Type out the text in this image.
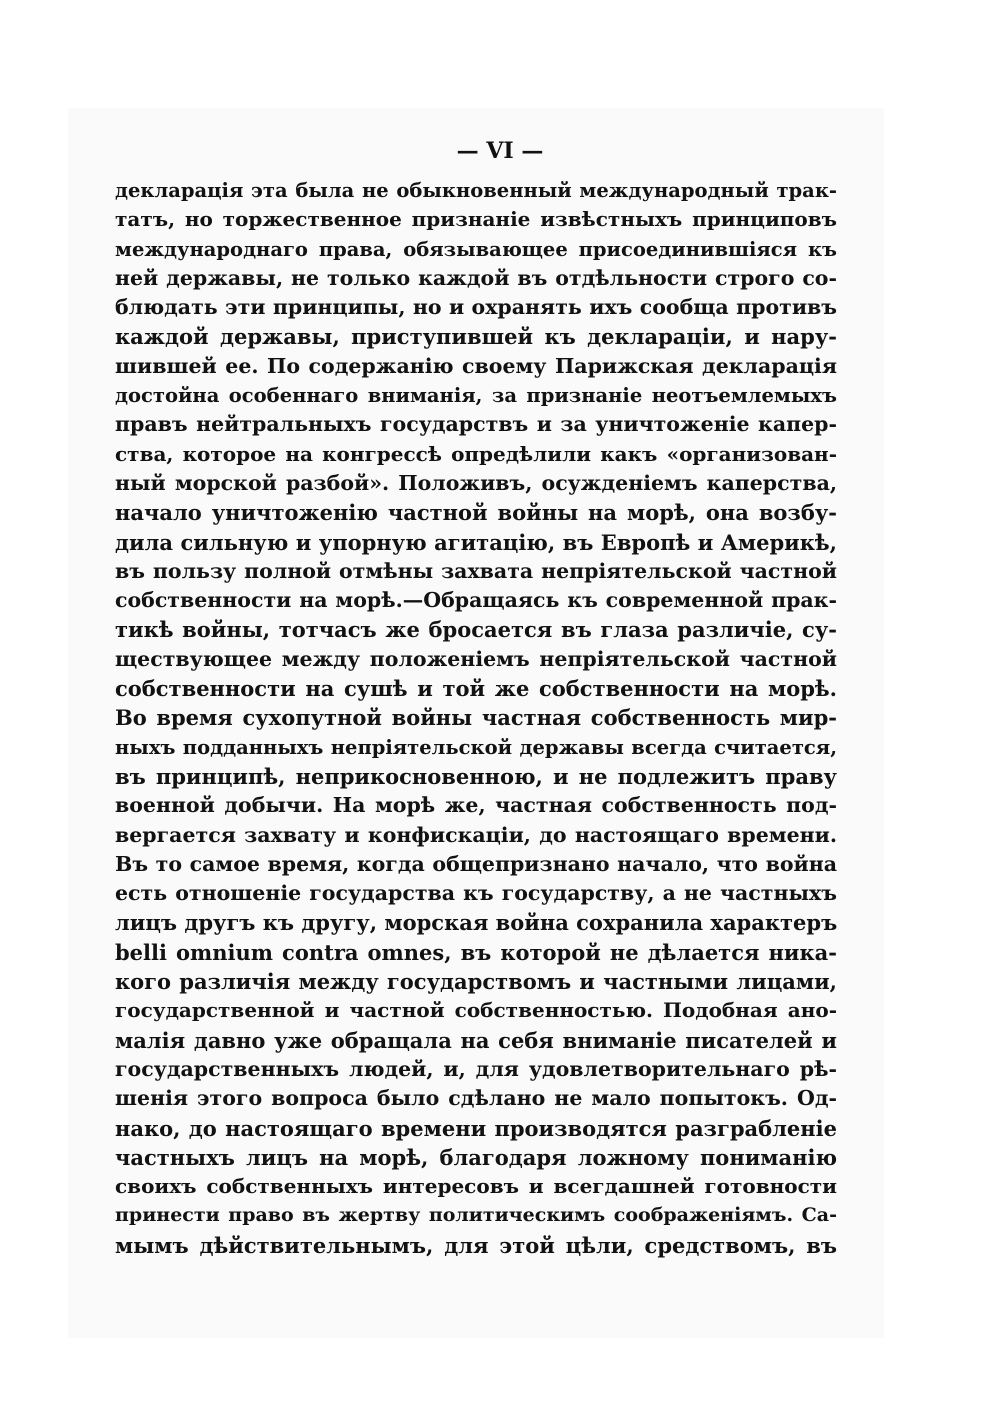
— VI —
декларація эта была не обыкновенный международный трак-
татъ, но торжественное признаніе извѣстныхъ принциповъ
международнаго права, обязывающее присоединившіяся къ
ней державы, не только каждой въ отдѣльности строго со-
блюдать эти принципы, но и охранять ихъ сообща противъ
каждой державы, приступившей къ деклараціи, и нару-
шившей ее. По содержанію своему Парижская декларація
достойна особеннаго вниманія, за признаніе неотъемлемыхъ
правъ нейтральныхъ государствъ и за уничтоженіе капер-
ства, которое на конгрессѣ опредѣлили какъ «организован-
ный морской разбой». Положивъ, осужденіемъ каперства,
начало уничтоженію частной войны на морѣ, она возбу-
дила сильную и упорную агитацію, въ Европѣ и Америкѣ,
въ пользу полной отмѣны захвата непріятельской частной
собственности на морѣ.—Обращаясь къ современной прак-
тикѣ войны, тотчасъ же бросается въ глаза различіе, су-
ществующее между положеніемъ непріятельской частной
собственности на сушѣ и той же собственности на морѣ.
Во время сухопутной войны частная собственность мир-
ныхъ подданныхъ непріятельской державы всегда считается,
въ принципѣ, неприкосновенною, и не подлежитъ праву
военной добычи. На морѣ же, частная собственность под-
вергается захвату и конфискаціи, до настоящаго времени.
Въ то самое время, когда общепризнано начало, что война
есть отношеніе государства къ государству, а не частныхъ
лицъ другъ къ другу, морская война сохранила характеръ
belli omnium contra omnes, въ которой не дѣлается ника-
кого различія между государствомъ и частными лицами,
государственной и частной собственностью. Подобная ано-
малія давно уже обращала на себя вниманіе писателей и
государственныхъ людей, и, для удовлетворительнаго рѣ-
шенія этого вопроса было сдѣлано не мало попытокъ. Од-
нако, до настоящаго времени производятся разграбленіе
частныхъ лицъ на морѣ, благодаря ложному пониманію
своихъ собственныхъ интересовъ и всегдашней готовности
принести право въ жертву политическимъ соображеніямъ. Са-
мымъ дѣйствительнымъ, для этой цѣли, средствомъ, въ
